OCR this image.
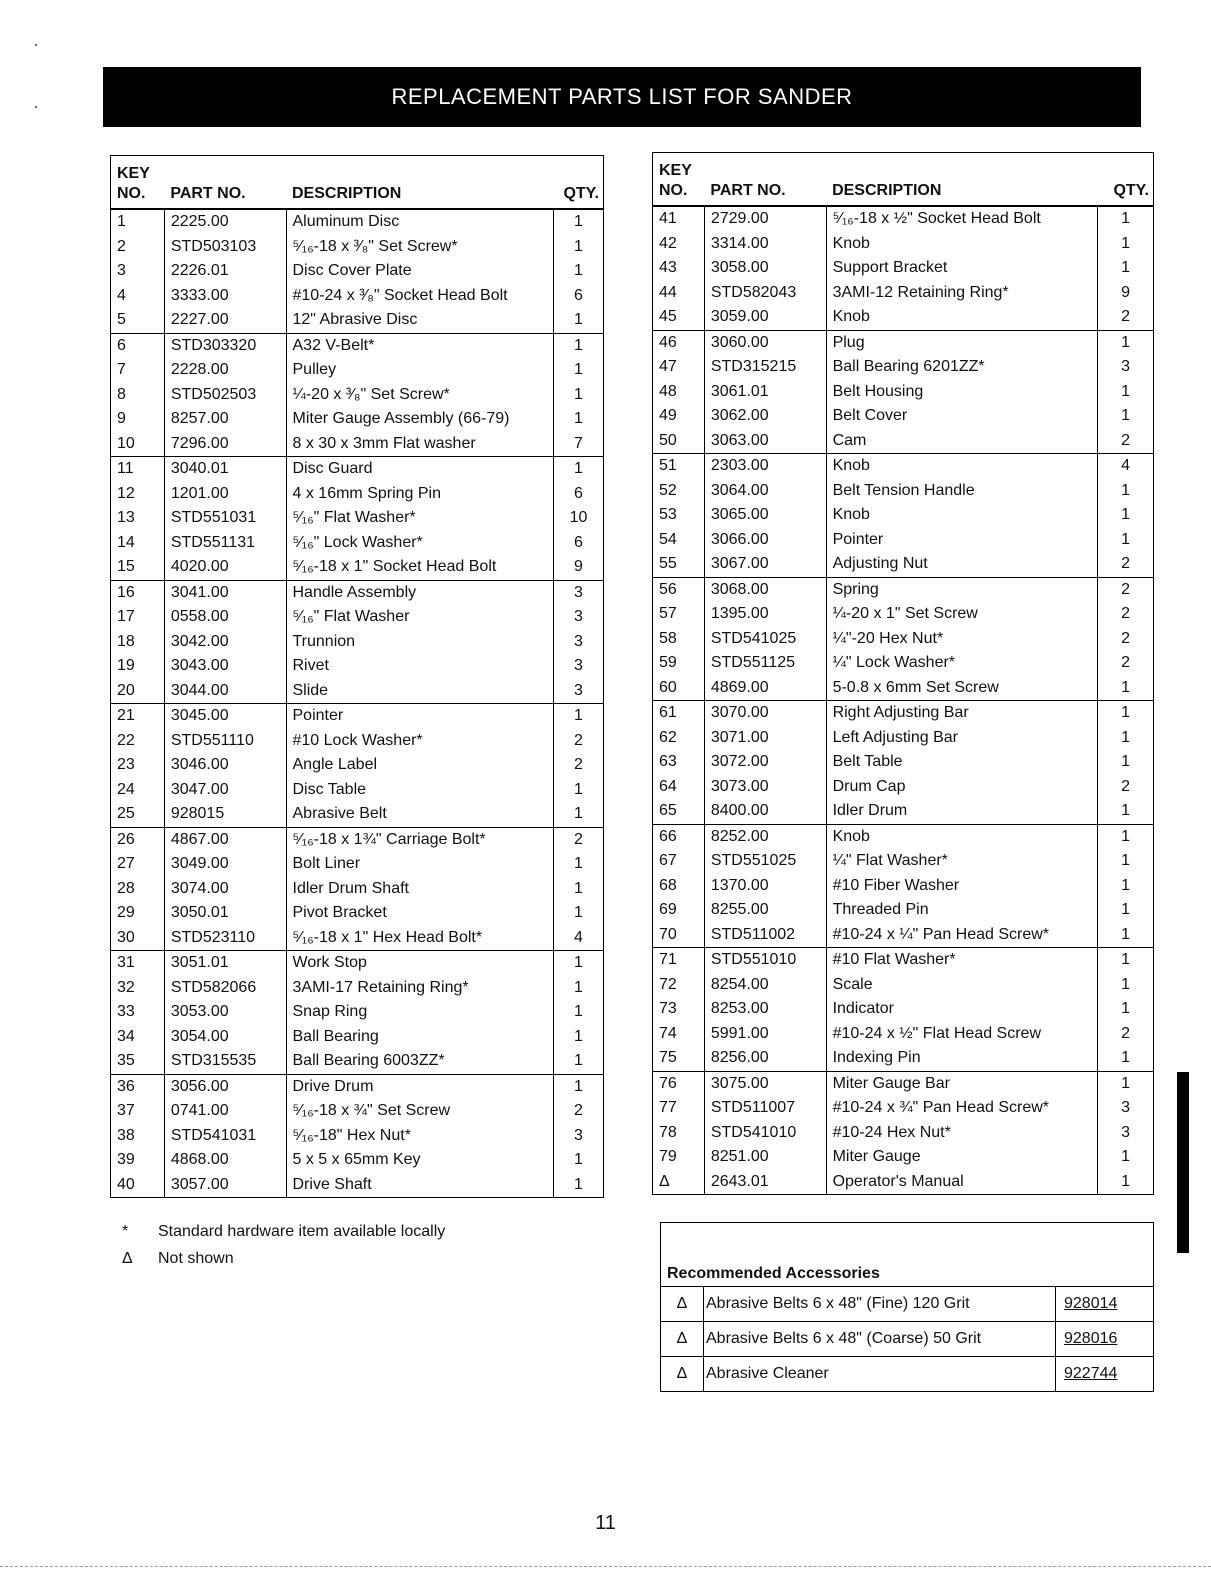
REPLACEMENT PARTS LIST FOR SANDER
KEY
NO.	PART NO.	DESCRIPTION	QTY.
1	2225.00	Aluminum Disc	1
2	STD503103	⁵⁄₁₆-18 x ³⁄₈" Set Screw*	1
3	2226.01	Disc Cover Plate	1
4	3333.00	#10-24 x ³⁄₈" Socket Head Bolt	6
5	2227.00	12" Abrasive Disc	1
6	STD303320	A32 V-Belt*	1
7	2228.00	Pulley	1
8	STD502503	¼-20 x ³⁄₈" Set Screw*	1
9	8257.00	Miter Gauge Assembly (66-79)	1
10	7296.00	8 x 30 x 3mm Flat washer	7
11	3040.01	Disc Guard	1
12	1201.00	4 x 16mm Spring Pin	6
13	STD551031	⁵⁄₁₆" Flat Washer*	10
14	STD551131	⁵⁄₁₆" Lock Washer*	6
15	4020.00	⁵⁄₁₆-18 x 1" Socket Head Bolt	9
16	3041.00	Handle Assembly	3
17	0558.00	⁵⁄₁₆" Flat Washer	3
18	3042.00	Trunnion	3
19	3043.00	Rivet	3
20	3044.00	Slide	3
21	3045.00	Pointer	1
22	STD551110	#10 Lock Washer*	2
23	3046.00	Angle Label	2
24	3047.00	Disc Table	1
25	928015	Abrasive Belt	1
26	4867.00	⁵⁄₁₆-18 x 1¾" Carriage Bolt*	2
27	3049.00	Bolt Liner	1
28	3074.00	Idler Drum Shaft	1
29	3050.01	Pivot Bracket	1
30	STD523110	⁵⁄₁₆-18 x 1" Hex Head Bolt*	4
31	3051.01	Work Stop	1
32	STD582066	3AMI-17 Retaining Ring*	1
33	3053.00	Snap Ring	1
34	3054.00	Ball Bearing	1
35	STD315535	Ball Bearing 6003ZZ*	1
36	3056.00	Drive Drum	1
37	0741.00	⁵⁄₁₆-18 x ¾" Set Screw	2
38	STD541031	⁵⁄₁₆-18" Hex Nut*	3
39	4868.00	5 x 5 x 65mm Key	1
40	3057.00	Drive Shaft	1
KEY
NO.	PART NO.	DESCRIPTION	QTY.
41	2729.00	⁵⁄₁₆-18 x ½" Socket Head Bolt	1
42	3314.00	Knob	1
43	3058.00	Support Bracket	1
44	STD582043	3AMI-12 Retaining Ring*	9
45	3059.00	Knob	2
46	3060.00	Plug	1
47	STD315215	Ball Bearing 6201ZZ*	3
48	3061.01	Belt Housing	1
49	3062.00	Belt Cover	1
50	3063.00	Cam	2
51	2303.00	Knob	4
52	3064.00	Belt Tension Handle	1
53	3065.00	Knob	1
54	3066.00	Pointer	1
55	3067.00	Adjusting Nut	2
56	3068.00	Spring	2
57	1395.00	¼-20 x 1" Set Screw	2
58	STD541025	¼"-20 Hex Nut*	2
59	STD551125	¼" Lock Washer*	2
60	4869.00	5-0.8 x 6mm Set Screw	1
61	3070.00	Right Adjusting Bar	1
62	3071.00	Left Adjusting Bar	1
63	3072.00	Belt Table	1
64	3073.00	Drum Cap	2
65	8400.00	Idler Drum	1
66	8252.00	Knob	1
67	STD551025	¼" Flat Washer*	1
68	1370.00	#10 Fiber Washer	1
69	8255.00	Threaded Pin	1
70	STD511002	#10-24 x ¼" Pan Head Screw*	1
71	STD551010	#10 Flat Washer*	1
72	8254.00	Scale	1
73	8253.00	Indicator	1
74	5991.00	#10-24 x ½" Flat Head Screw	2
75	8256.00	Indexing Pin	1
76	3075.00	Miter Gauge Bar	1
77	STD511007	#10-24 x ¾" Pan Head Screw*	3
78	STD541010	#10-24 Hex Nut*	3
79	8251.00	Miter Gauge	1
Δ	2643.01	Operator's Manual	1
* Standard hardware item available locally
Δ Not shown
Recommended Accessories		
Δ	Abrasive Belts 6 x 48" (Fine) 120 Grit	928014
Δ	Abrasive Belts 6 x 48" (Coarse) 50 Grit	928016
Δ	Abrasive Cleaner	922744
11
